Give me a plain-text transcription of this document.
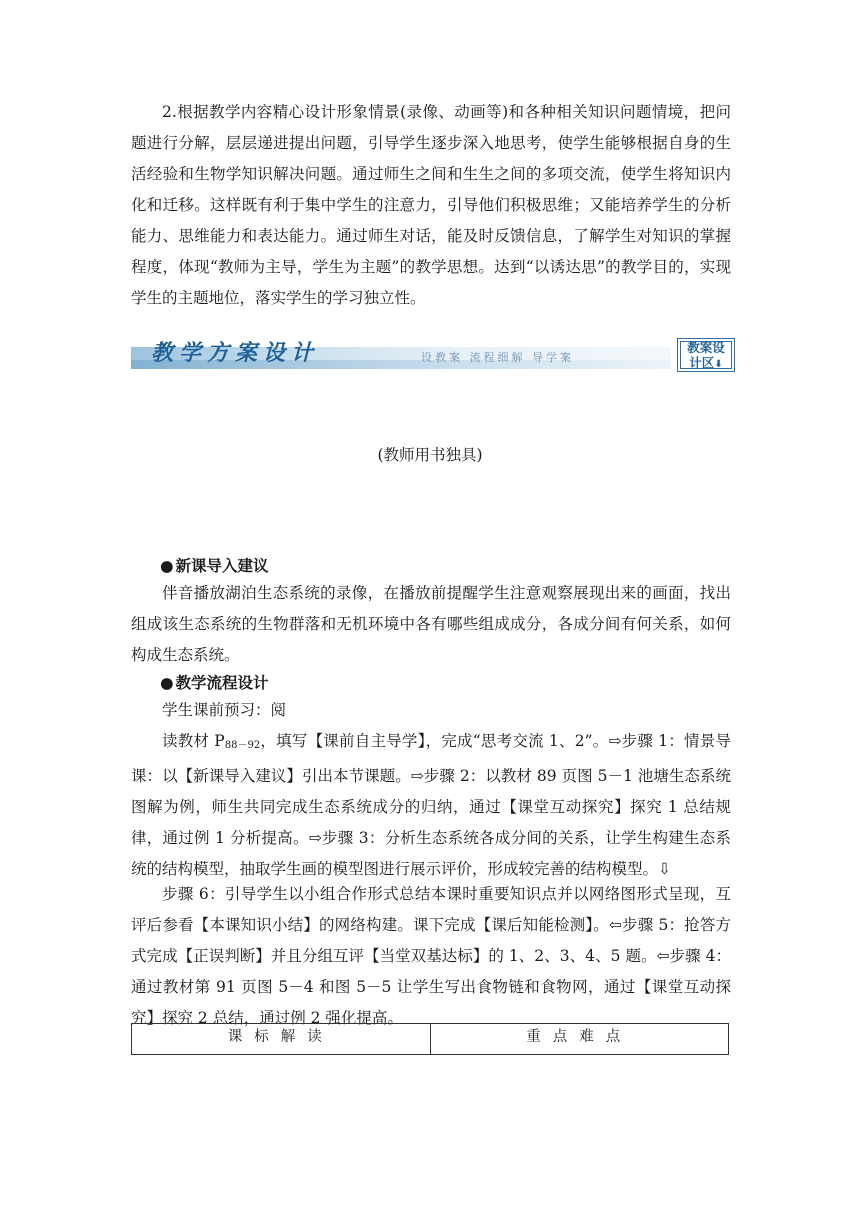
2.根据教学内容精心设计形象情景(录像、动画等)和各种相关知识问题情境，把问题进行分解，层层递进提出问题，引导学生逐步深入地思考，使学生能够根据自身的生活经验和生物学知识解决问题。通过师生之间和生生之间的多项交流，使学生将知识内化和迁移。这样既有利于集中学生的注意力，引导他们积极思维；又能培养学生的分析能力、思维能力和表达能力。通过师生对话，能及时反馈信息，了解学生对知识的掌握程度，体现“教师为主导，学生为主题”的教学思想。达到“以诱达思”的教学目的，实现学生的主题地位，落实学生的学习独立性。

教学方案设计	设教案 流程细解 导学案
教案设
计区⬇
(教师用书独具)
● 新课导入建议

伴音播放湖泊生态系统的录像，在播放前提醒学生注意观察展现出来的画面，找出组成该生态系统的生物群落和无机环境中各有哪些组成成分，各成分间有何关系，如何构成生态系统。

● 教学流程设计
学生课前预习：阅
读教材 $P_{88-92}$，填写【课前自主导学】，完成“思考交流 1、2”。⇨步骤 1：情景导课：以【新课导入建议】引出本节课题。⇨步骤 2：以教材 89 页图 5－1 池塘生态系统图解为例，师生共同完成生态系统成分的归纳，通过【课堂互动探究】探究 1 总结规律，通过例 1 分析提高。⇨步骤 3：分析生态系统各成分间的关系，让学生构建生态系统的结构模型，抽取学生画的模型图进行展示评价，形成较完善的结构模型。⇩

步骤 6：引导学生以小组合作形式总结本课时重要知识点并以网络图形式呈现，互评后参看【本课知识小结】的网络构建。课下完成【课后知能检测】。⇦步骤 5：抢答方式完成【正误判断】并且分组互评【当堂双基达标】的 1、2、3、4、5 题。⇦步骤 4：通过教材第 91 页图 5－4 和图 5－5 让学生写出食物链和食物网，通过【课堂互动探究】探究 2 总结，通过例 2 强化提高。

课标解读	重点难点
